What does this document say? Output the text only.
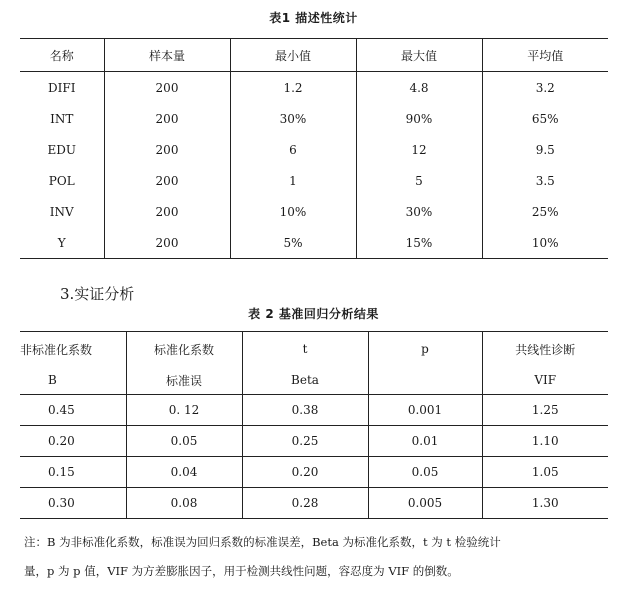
表1 描述性统计
名称	样本量	最小值	最大值	平均值
DIFI	200	1.2	4.8	3.2
INT	200	30%	90%	65%
EDU	200	6	12	9.5
POL	200	1	5	3.5
INV	200	10%	30%	25%
Y	200	5%	15%	10%
3.实证分析
表 2 基准回归分析结果
非标准化系数	标准化系数	t	p	共线性诊断
B	标准误	Beta		VIF
0.45	0. 12	0.38	0.001	1.25
0.20	0.05	0.25	0.01	1.10
0.15	0.04	0.20	0.05	1.05
0.30	0.08	0.28	0.005	1.30
注：B 为非标准化系数，标准误为回归系数的标准误差，Beta 为标准化系数，t 为 t 检验统计
量，p 为 p 值，VIF 为方差膨胀因子，用于检测共线性问题，容忍度为 VIF 的倒数。
